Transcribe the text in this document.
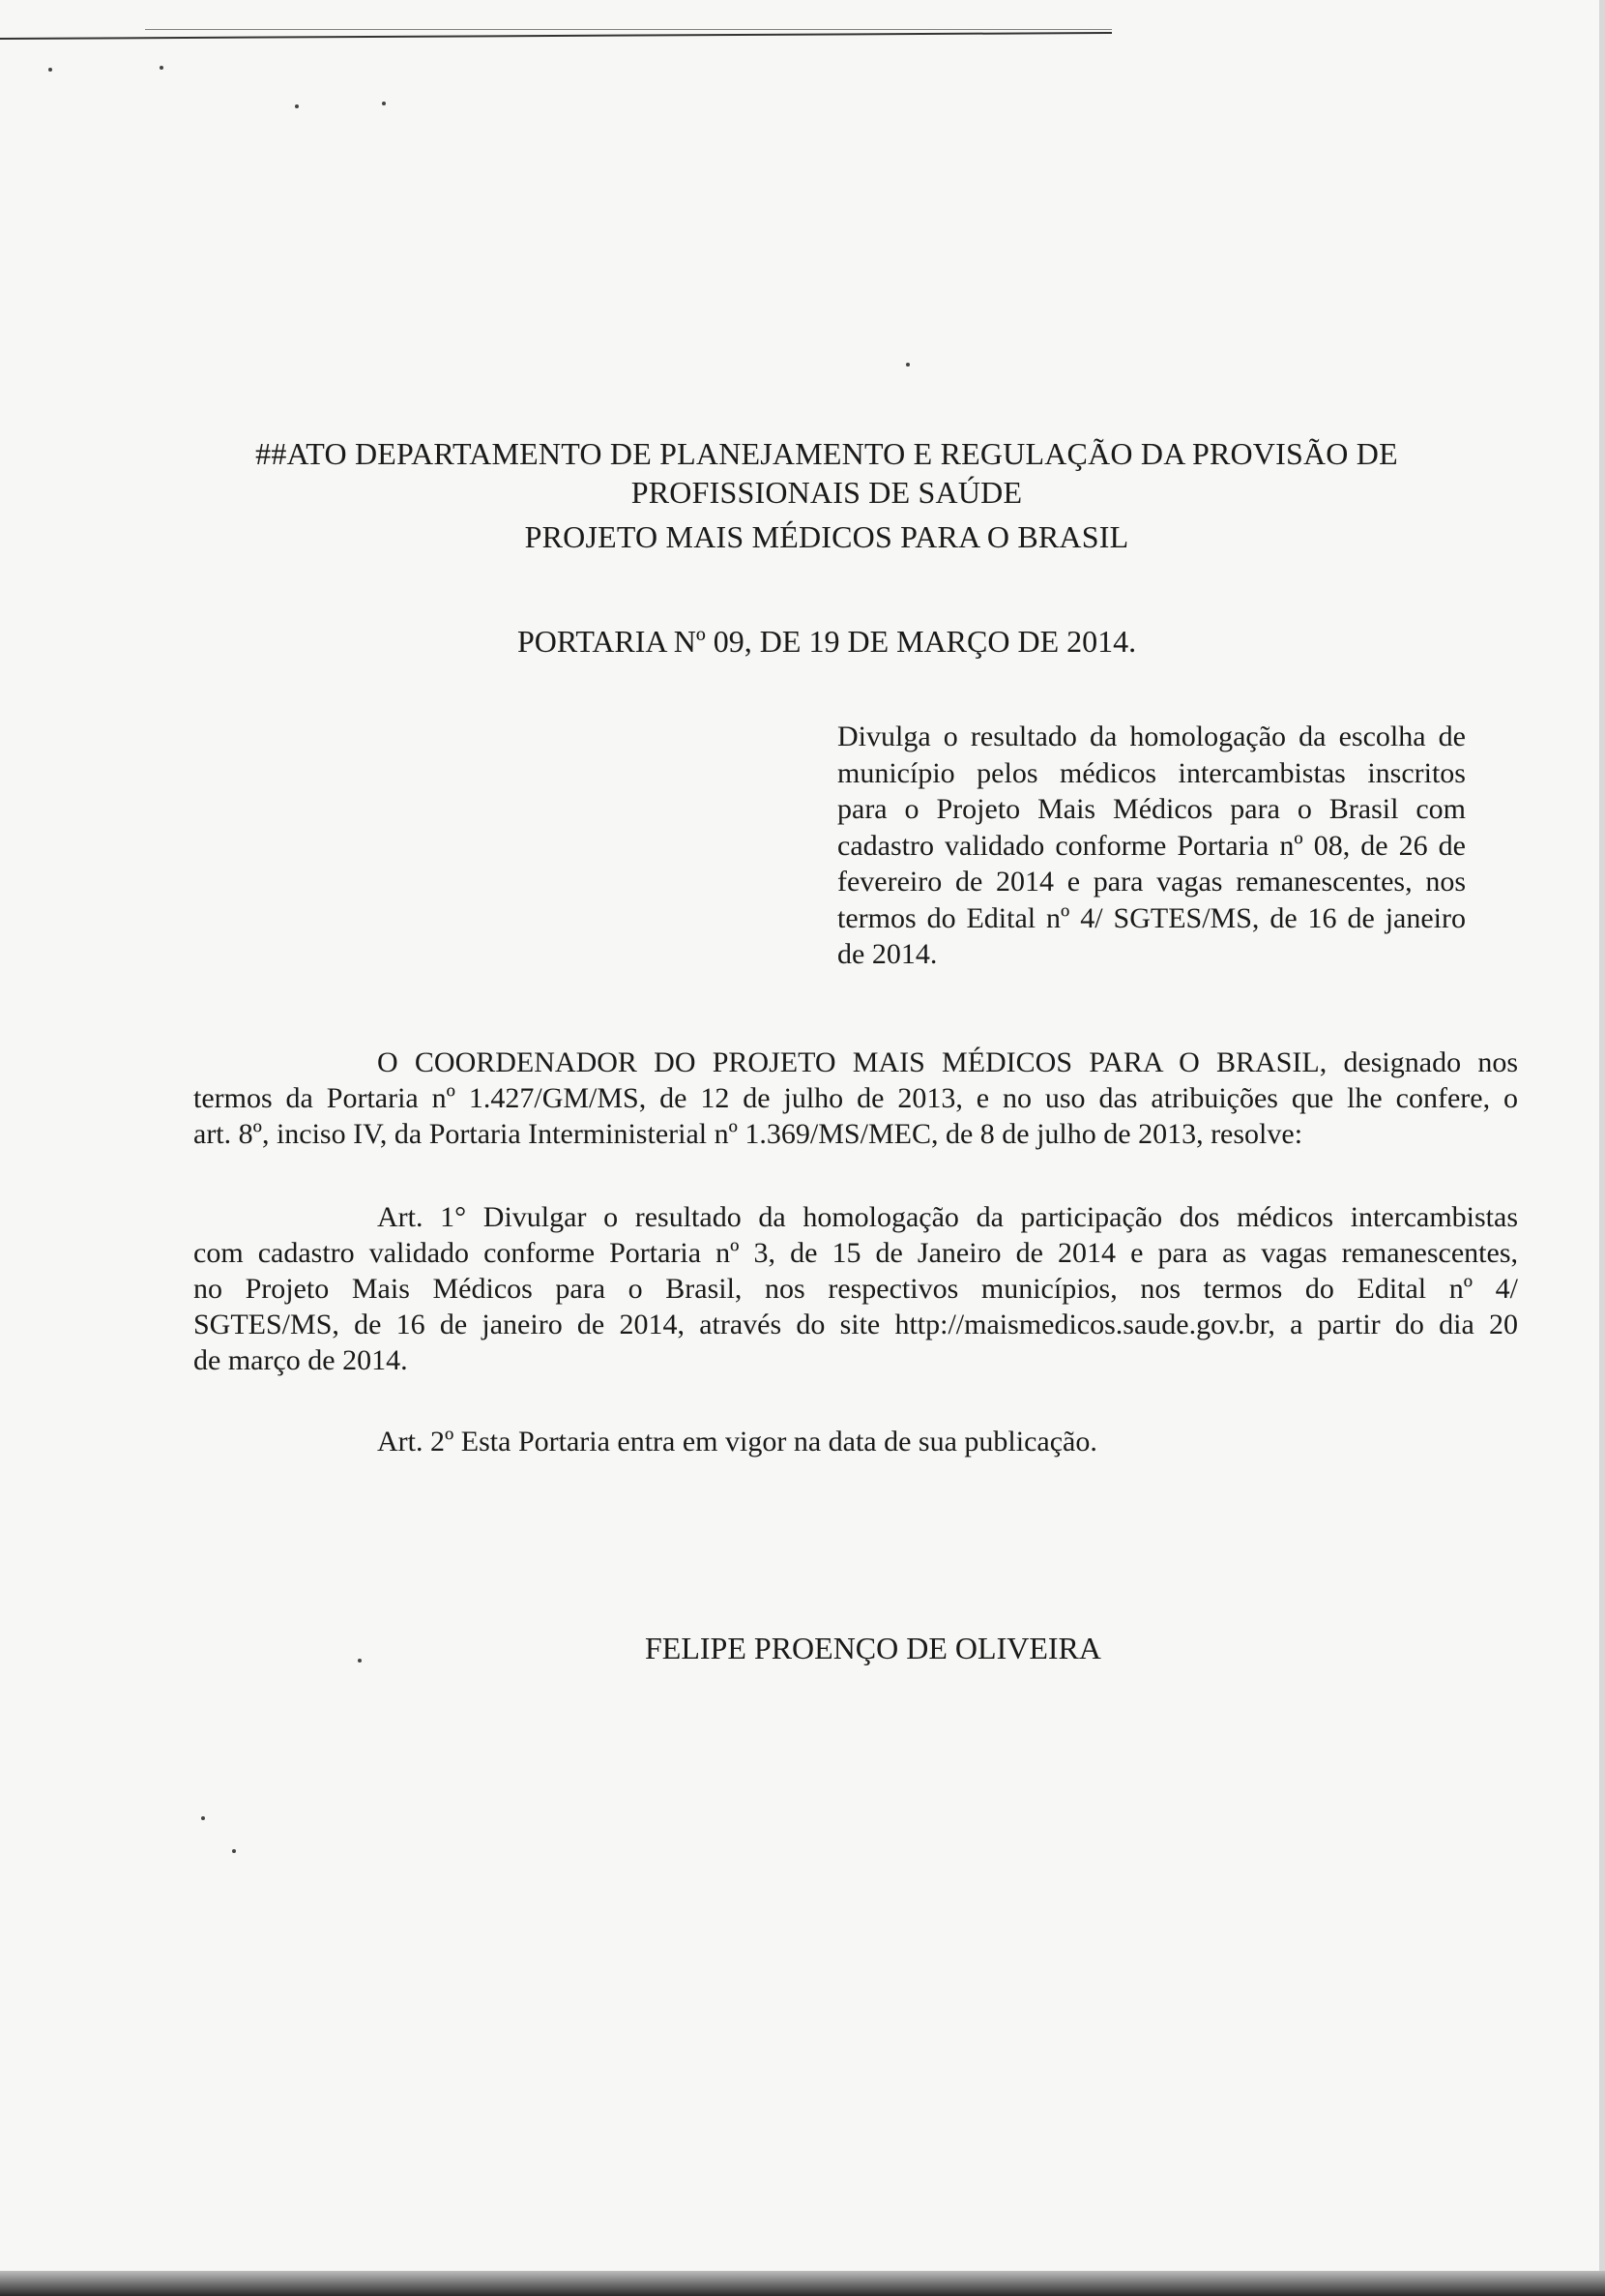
##ATO DEPARTAMENTO DE PLANEJAMENTO E REGULAÇÃO DA PROVISÃO DE
PROFISSIONAIS DE SAÚDE
PROJETO MAIS MÉDICOS PARA O BRASIL
PORTARIA Nº 09, DE 19 DE MARÇO DE 2014.
Divulga o resultado da homologação da escolha de
município pelos médicos intercambistas inscritos
para o Projeto Mais Médicos para o Brasil com
cadastro validado conforme Portaria nº 08, de 26 de
fevereiro de 2014 e para vagas remanescentes, nos
termos do Edital nº 4/ SGTES/MS, de 16 de janeiro
de 2014.
O COORDENADOR DO PROJETO MAIS MÉDICOS PARA O BRASIL, designado nos
termos da Portaria nº 1.427/GM/MS, de 12 de julho de 2013, e no uso das atribuições que lhe confere, o
art. 8º, inciso IV, da Portaria Interministerial nº 1.369/MS/MEC, de 8 de julho de 2013, resolve:
Art. 1° Divulgar o resultado da homologação da participação dos médicos intercambistas
com cadastro validado conforme Portaria nº 3, de 15 de Janeiro de 2014 e para as vagas remanescentes,
no Projeto Mais Médicos para o Brasil, nos respectivos municípios, nos termos do Edital nº 4/
SGTES/MS, de 16 de janeiro de 2014, através do site http://maismedicos.saude.gov.br, a partir do dia 20
de março de 2014.
Art. 2º Esta Portaria entra em vigor na data de sua publicação.
FELIPE PROENÇO DE OLIVEIRA
